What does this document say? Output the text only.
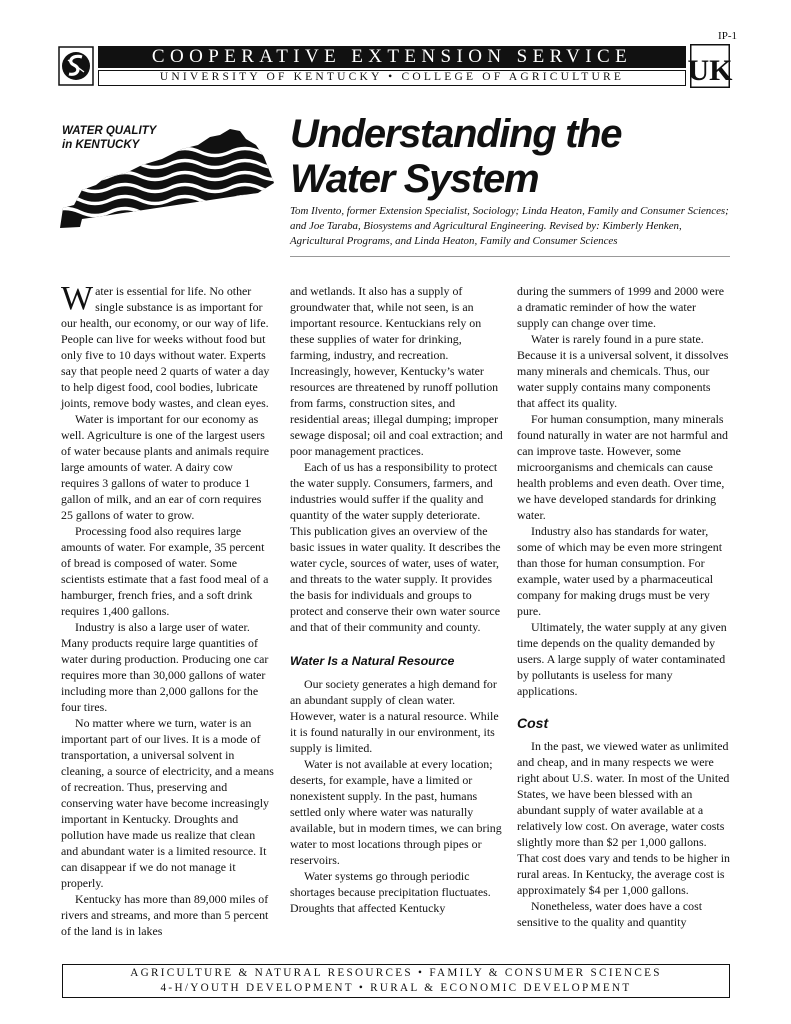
IP-1
COOPERATIVE EXTENSION SERVICE
UNIVERSITY OF KENTUCKY • COLLEGE OF AGRICULTURE	UK
WATER QUALITY
in KENTUCKY	Understanding the
Water System

Tom Ilvento, former Extension Specialist, Sociology; Linda Heaton, Family and Consumer Sciences; and Joe Taraba, Biosystems and Agricultural Engineering. Revised by: Kimberly Henken, Agricultural Programs, and Linda Heaton, Family and Consumer Sciences

Water is essential for life. No other single substance is as important for our health, our economy, or our way of life. People can live for weeks without food but only five to 10 days without water. Experts say that people need 2 quarts of water a day to help digest food, cool bodies, lubricate joints, remove body wastes, and clean eyes.

Water is important for our economy as well. Agriculture is one of the largest users of water because plants and animals require large amounts of water. A dairy cow requires 3 gallons of water to produce 1 gallon of milk, and an ear of corn requires 25 gallons of water to grow.

Processing food also requires large amounts of water. For example, 35 percent of bread is composed of water. Some scientists estimate that a fast food meal of a hamburger, french fries, and a soft drink requires 1,400 gallons.

Industry is also a large user of water. Many products require large quantities of water during production. Producing one car requires more than 30,000 gallons of water including more than 2,000 gallons for the four tires.

No matter where we turn, water is an important part of our lives. It is a mode of transportation, a universal solvent in cleaning, a source of electricity, and a means of recreation. Thus, preserving and conserving water have become increasingly important in Kentucky. Droughts and pollution have made us realize that clean and abundant water is a limited resource. It can disappear if we do not manage it properly.

Kentucky has more than 89,000 miles of rivers and streams, and more than 5 percent of the land is in lakes

and wetlands. It also has a supply of groundwater that, while not seen, is an important resource. Kentuckians rely on these supplies of water for drinking, farming, industry, and recreation. Increasingly, however, Kentucky’s water resources are threatened by runoff pollution from farms, construction sites, and residential areas; illegal dumping; improper sewage disposal; oil and coal extraction; and poor management practices.

Each of us has a responsibility to protect the water supply. Consumers, farmers, and industries would suffer if the quality and quantity of the water supply deteriorate. This publication gives an overview of the basic issues in water quality. It describes the water cycle, sources of water, uses of water, and threats to the water supply. It provides the basis for individuals and groups to protect and conserve their own water source and that of their community and county.

Water Is a Natural Resource

Our society generates a high demand for an abundant supply of clean water. However, water is a natural resource. While it is found naturally in our environment, its supply is limited.

Water is not available at every location; deserts, for example, have a limited or nonexistent supply. In the past, humans settled only where water was naturally available, but in modern times, we can bring water to most locations through pipes or reservoirs.

Water systems go through periodic shortages because precipitation fluctuates. Droughts that affected Kentucky

during the summers of 1999 and 2000 were a dramatic reminder of how the water supply can change over time.

Water is rarely found in a pure state. Because it is a universal solvent, it dissolves many minerals and chemicals. Thus, our water supply contains many components that affect its quality.

For human consumption, many minerals found naturally in water are not harmful and can improve taste. However, some microorganisms and chemicals can cause health problems and even death. Over time, we have developed standards for drinking water.

Industry also has standards for water, some of which may be even more stringent than those for human consumption. For example, water used by a pharmaceutical company for making drugs must be very pure.

Ultimately, the water supply at any given time depends on the quality demanded by users. A large supply of water contaminated by pollutants is useless for many applications.

Cost

In the past, we viewed water as unlimited and cheap, and in many respects we were right about U.S. water. In most of the United States, we have been blessed with an abundant supply of water available at a relatively low cost. On average, water costs slightly more than $2 per 1,000 gallons. That cost does vary and tends to be higher in rural areas. In Kentucky, the average cost is approximately $4 per 1,000 gallons.

Nonetheless, water does have a cost sensitive to the quality and quantity

AGRICULTURE & NATURAL RESOURCES • FAMILY & CONSUMER SCIENCES
4-H/YOUTH DEVELOPMENT • RURAL & ECONOMIC DEVELOPMENT
